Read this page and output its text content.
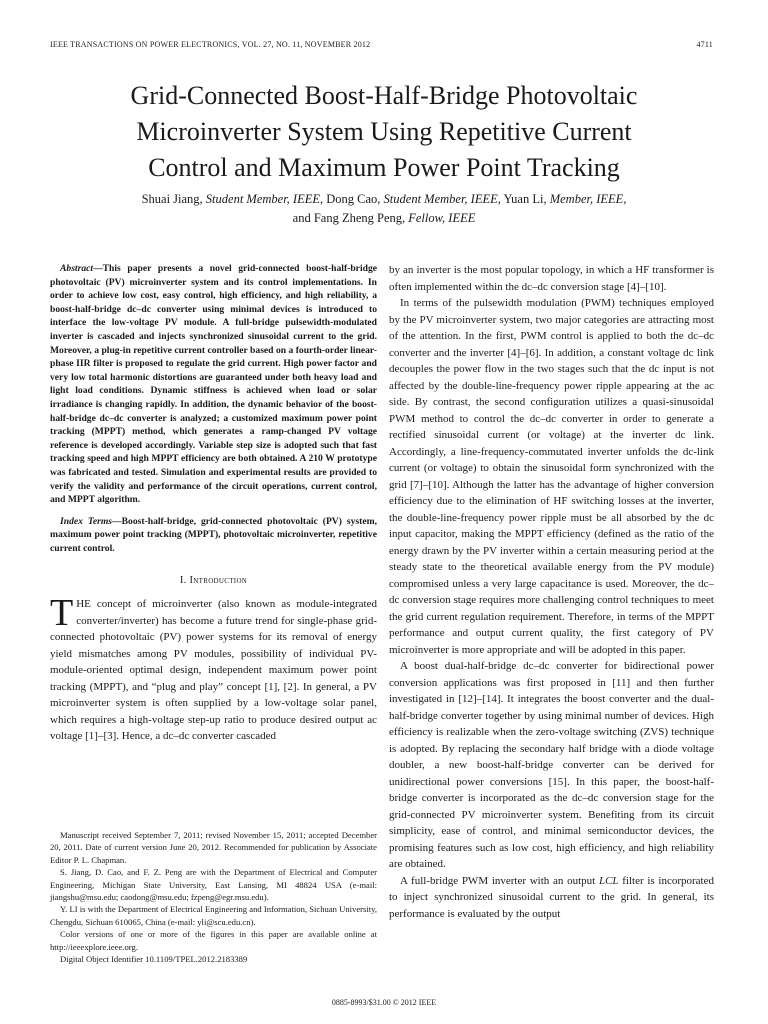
IEEE TRANSACTIONS ON POWER ELECTRONICS, VOL. 27, NO. 11, NOVEMBER 2012	4711
Grid-Connected Boost-Half-Bridge Photovoltaic
Microinverter System Using Repetitive Current
Control and Maximum Power Point Tracking
Shuai Jiang, Student Member, IEEE, Dong Cao, Student Member, IEEE, Yuan Li, Member, IEEE,
and Fang Zheng Peng, Fellow, IEEE

Abstract—This paper presents a novel grid-connected boost-half-bridge photovoltaic (PV) microinverter system and its control implementations. In order to achieve low cost, easy control, high efficiency, and high reliability, a boost-half-bridge dc–dc converter using minimal devices is introduced to interface the low-voltage PV module. A full-bridge pulsewidth-modulated inverter is cascaded and injects synchronized sinusoidal current to the grid. Moreover, a plug-in repetitive current controller based on a fourth-order linear-phase IIR filter is proposed to regulate the grid current. High power factor and very low total harmonic distortions are guaranteed under both heavy load and light load conditions. Dynamic stiffness is achieved when load or solar irradiance is changing rapidly. In addition, the dynamic behavior of the boost-half-bridge dc–dc converter is analyzed; a customized maximum power point tracking (MPPT) method, which generates a ramp-changed PV voltage reference is developed accordingly. Variable step size is adopted such that fast tracking speed and high MPPT efficiency are both obtained. A 210 W prototype was fabricated and tested. Simulation and experimental results are provided to verify the validity and performance of the circuit operations, current control, and MPPT algorithm.

Index Terms—Boost-half-bridge, grid-connected photovoltaic (PV) system, maximum power point tracking (MPPT), photovoltaic microinverter, repetitive current control.

I. Introduction

THE concept of microinverter (also known as module-integrated converter/inverter) has become a future trend for single-phase grid-connected photovoltaic (PV) power systems for its removal of energy yield mismatches among PV modules, possibility of individual PV-module-oriented optimal design, independent maximum power point tracking (MPPT), and “plug and play” concept [1], [2]. In general, a PV microinverter system is often supplied by a low-voltage solar panel, which requires a high-voltage step-up ratio to produce desired output ac voltage [1]–[3]. Hence, a dc–dc converter cascaded

Manuscript received September 7, 2011; revised November 15, 2011; accepted December 20, 2011. Date of current version June 20, 2012. Recommended for publication by Associate Editor P. L. Chapman.

S. Jiang, D. Cao, and F. Z. Peng are with the Department of Electrical and Computer Engineering, Michigan State University, East Lansing, MI 48824 USA (e-mail: jiangshu@msu.edu; caodong@msu.edu; fzpeng@egr.msu.edu).

Y. LI is with the Department of Electrical Engineering and Information, Sichuan University, Chengdu, Sichuan 610065, China (e-mail: yli@scu.edu.cn).

Color versions of one or more of the figures in this paper are available online at http://ieeexplore.ieee.org.

Digital Object Identifier 10.1109/TPEL.2012.2183389

by an inverter is the most popular topology, in which a HF transformer is often implemented within the dc–dc conversion stage [4]–[10].

In terms of the pulsewidth modulation (PWM) techniques employed by the PV microinverter system, two major categories are attracting most of the attention. In the first, PWM control is applied to both the dc–dc converter and the inverter [4]–[6]. In addition, a constant voltage dc link decouples the power flow in the two stages such that the dc input is not affected by the double-line-frequency power ripple appearing at the ac side. By contrast, the second configuration utilizes a quasi-sinusoidal PWM method to control the dc–dc converter in order to generate a rectified sinusoidal current (or voltage) at the inverter dc link. Accordingly, a line-frequency-commutated inverter unfolds the dc-link current (or voltage) to obtain the sinusoidal form synchronized with the grid [7]–[10]. Although the latter has the advantage of higher conversion efficiency due to the elimination of HF switching losses at the inverter, the double-line-frequency power ripple must be all absorbed by the dc input capacitor, making the MPPT efficiency (defined as the ratio of the energy drawn by the PV inverter within a certain measuring period at the steady state to the theoretical available energy from the PV module) compromised unless a very large capacitance is used. Moreover, the dc–dc conversion stage requires more challenging control techniques to meet the grid current regulation requirement. Therefore, in terms of the MPPT performance and output current quality, the first category of PV microinverter is more appropriate and will be adopted in this paper.

A boost dual-half-bridge dc–dc converter for bidirectional power conversion applications was first proposed in [11] and then further investigated in [12]–[14]. It integrates the boost converter and the dual-half-bridge converter together by using minimal number of devices. High efficiency is realizable when the zero-voltage switching (ZVS) technique is adopted. By replacing the secondary half bridge with a diode voltage doubler, a new boost-half-bridge converter can be derived for unidirectional power conversions [15]. In this paper, the boost-half-bridge converter is incorporated as the dc–dc conversion stage for the grid-connected PV microinverter system. Benefiting from its circuit simplicity, ease of control, and minimal semiconductor devices, the promising features such as low cost, high efficiency, and high reliability are obtained.

A full-bridge PWM inverter with an output LCL filter is incorporated to inject synchronized sinusoidal current to the grid. In general, its performance is evaluated by the output

0885-8993/$31.00 © 2012 IEEE
